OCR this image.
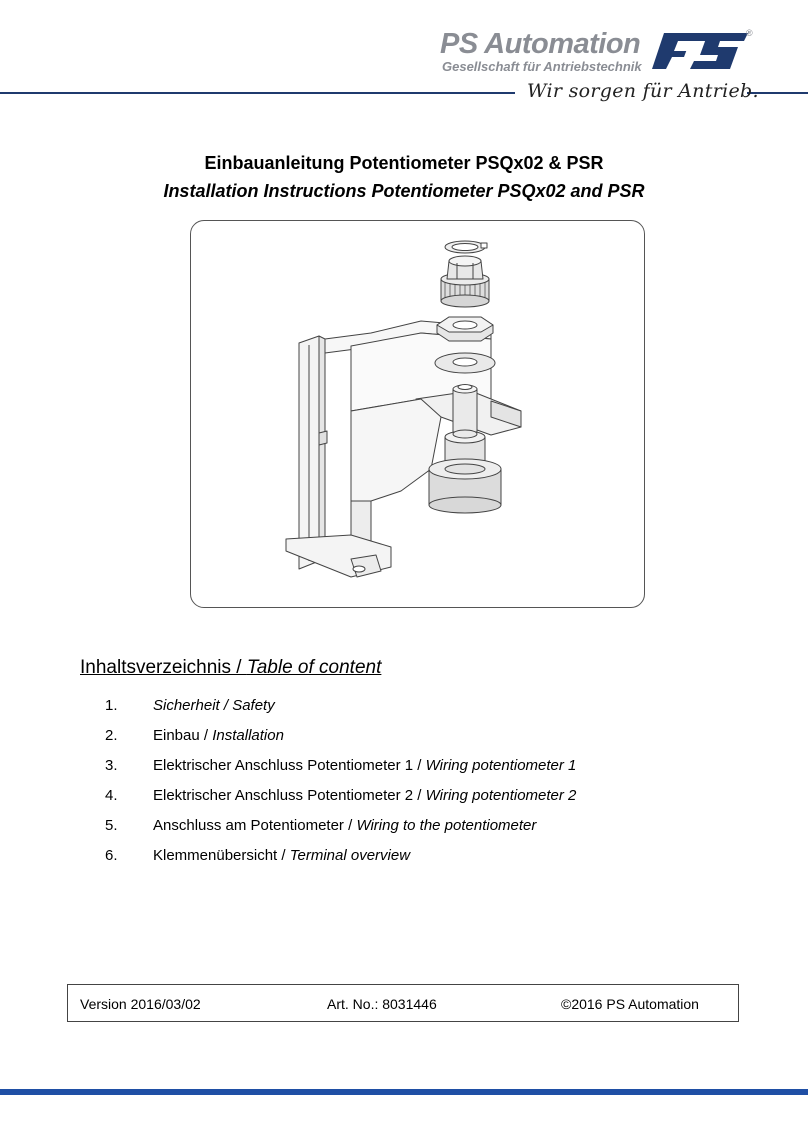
PS Automation
Gesellschaft für Antriebstechnik
®
Wir sorgen für Antrieb.
Einbauanleitung Potentiometer PSQx02 & PSR
Installation Instructions Potentiometer PSQx02 and PSR
Inhaltsverzeichnis / Table of content
1. Sicherheit / Safety
2. Einbau / Installation
3. Elektrischer Anschluss Potentiometer 1 / Wiring potentiometer 1
4. Elektrischer Anschluss Potentiometer 2 / Wiring potentiometer 2
5. Anschluss am Potentiometer / Wiring to the potentiometer
6. Klemmenübersicht / Terminal overview
Version 2016/03/02	Art. No.: 8031446	©2016 PS Automation
